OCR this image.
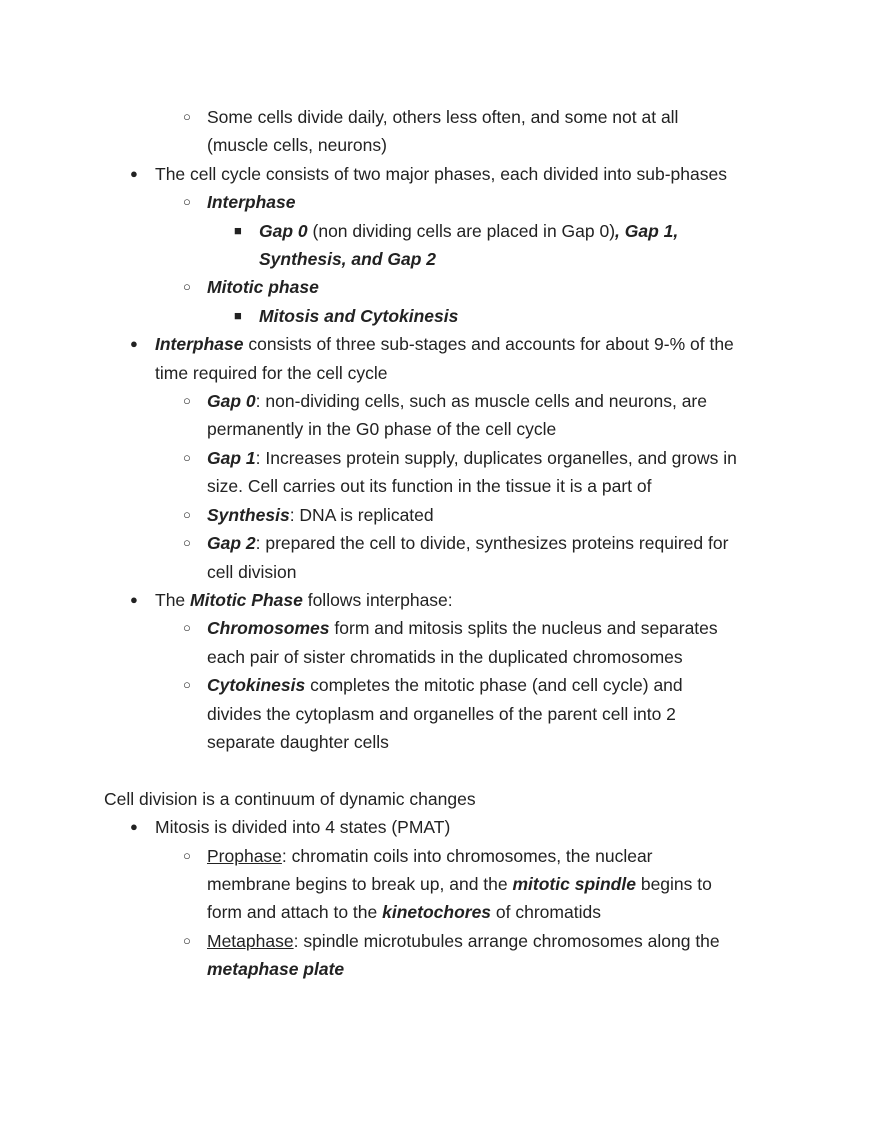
○ Some cells divide daily, others less often, and some not at all
(muscle cells, neurons)
● The cell cycle consists of two major phases, each divided into sub-phases
○ Interphase
■ Gap 0 (non dividing cells are placed in Gap 0), Gap 1,
Synthesis, and Gap 2
○ Mitotic phase
■ Mitosis and Cytokinesis
● Interphase consists of three sub-stages and accounts for about 9-% of the
time required for the cell cycle
○ Gap 0: non-dividing cells, such as muscle cells and neurons, are
permanently in the G0 phase of the cell cycle
○ Gap 1: Increases protein supply, duplicates organelles, and grows in
size. Cell carries out its function in the tissue it is a part of
○ Synthesis: DNA is replicated
○ Gap 2: prepared the cell to divide, synthesizes proteins required for
cell division
● The Mitotic Phase follows interphase:
○ Chromosomes form and mitosis splits the nucleus and separates
each pair of sister chromatids in the duplicated chromosomes
○ Cytokinesis completes the mitotic phase (and cell cycle) and
divides the cytoplasm and organelles of the parent cell into 2
separate daughter cells
Cell division is a continuum of dynamic changes
● Mitosis is divided into 4 states (PMAT)
○ Prophase: chromatin coils into chromosomes, the nuclear
membrane begins to break up, and the mitotic spindle begins to
form and attach to the kinetochores of chromatids
○ Metaphase: spindle microtubules arrange chromosomes along the
metaphase plate
